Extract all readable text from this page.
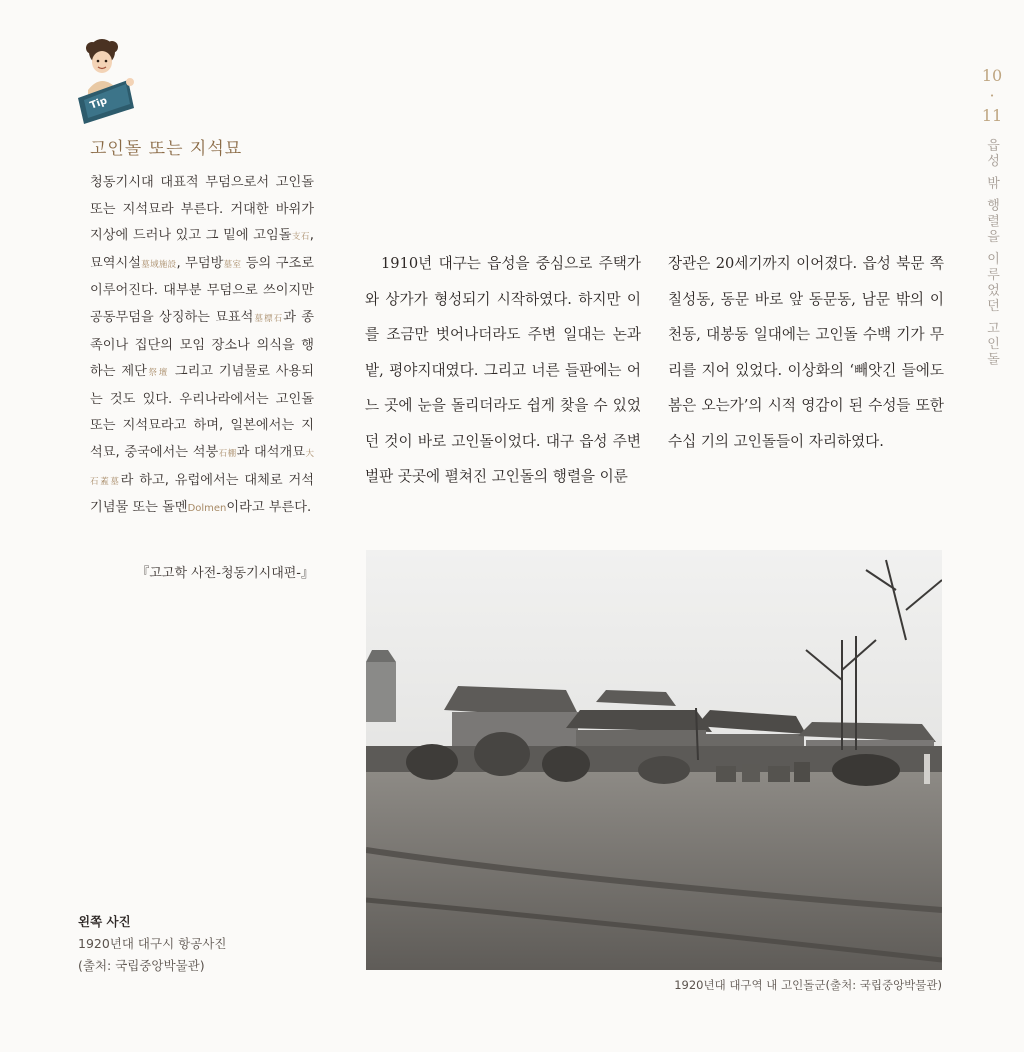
Tip
고인돌 또는 지석묘

청동기시대 대표적 무덤으로서 고인돌 또는 지석묘라 부른다. 거대한 바위가 지상에 드러나 있고 그 밑에 고임돌支石, 묘역시설墓域施設, 무덤방墓室 등의 구조로 이루어진다. 대부분 무덤으로 쓰이지만 공동무덤을 상징하는 묘표석墓標石과 종족이나 집단의 모임 장소나 의식을 행하는 제단祭壇 그리고 기념물로 사용되는 것도 있다. 우리나라에서는 고인돌 또는 지석묘라고 하며, 일본에서는 지석묘, 중국에서는 석붕石棚과 대석개묘大石蓋墓라 하고, 유럽에서는 대체로 거석기념물 또는 돌멘Dolmen이라고 부른다.

『고고학 사전-청동기시대편-』

1910년 대구는 읍성을 중심으로 주택가와 상가가 형성되기 시작하였다. 하지만 이를 조금만 벗어나더라도 주변 일대는 논과 밭, 평야지대였다. 그리고 너른 들판에는 어느 곳에 눈을 돌리더라도 쉽게 찾을 수 있었던 것이 바로 고인돌이었다. 대구 읍성 주변 벌판 곳곳에 펼쳐진 고인돌의 행렬을 이룬

장관은 20세기까지 이어졌다. 읍성 북문 쪽 칠성동, 동문 바로 앞 동문동, 남문 밖의 이천동, 대봉동 일대에는 고인돌 수백 기가 무리를 지어 있었다. 이상화의 ‘빼앗긴 들에도 봄은 오는가’의 시적 영감이 된 수성들 또한 수십 기의 고인돌들이 자리하였다.

10
·
11
읍성 밖 행렬을 이루었던 고인돌
1920년대 대구역 내 고인돌군(출처: 국립중앙박물관)
왼쪽 사진
1920년대 대구시 항공사진
(출처: 국립중앙박물관)
